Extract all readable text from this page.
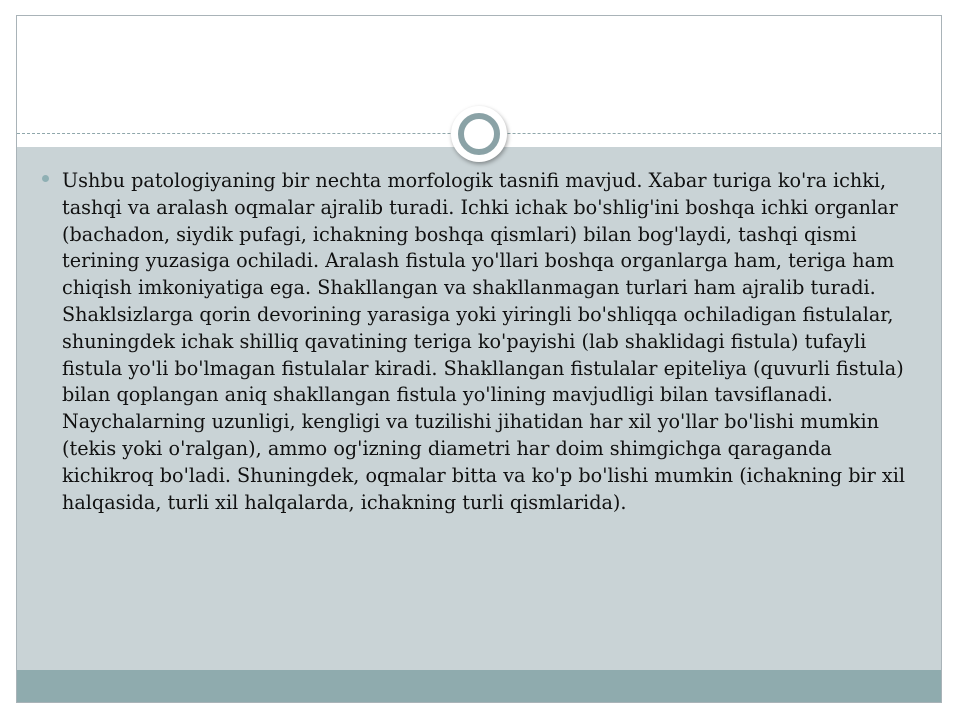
Ushbu patologiyaning bir nechta morfologik tasnifi mavjud. Xabar turiga ko'ra ichki, tashqi va aralash oqmalar ajralib turadi. Ichki ichak bo'shlig'ini boshqa ichki organlar (bachadon, siydik pufagi, ichakning boshqa qismlari) bilan bog'laydi, tashqi qismi terining yuzasiga ochiladi. Aralash fistula yo'llari boshqa organlarga ham, teriga ham chiqish imkoniyatiga ega. Shakllangan va shakllanmagan turlari ham ajralib turadi. Shaklsizlarga qorin devorining yarasiga yoki yiringli bo'shliqqa ochiladigan fistulalar, shuningdek ichak shilliq qavatining teriga ko'payishi (lab shaklidagi fistula) tufayli fistula yo'li bo'lmagan fistulalar kiradi. Shakllangan fistulalar epiteliya (quvurli fistula) bilan qoplangan aniq shakllangan fistula yo'lining mavjudligi bilan tavsiflanadi. Naychalarning uzunligi, kengligi va tuzilishi jihatidan har xil yo'llar bo'lishi mumkin (tekis yoki o'ralgan), ammo og'izning diametri har doim shimgichga qaraganda kichikroq bo'ladi. Shuningdek, oqmalar bitta va ko'p bo'lishi mumkin (ichakning bir xil halqasida, turli xil halqalarda, ichakning turli qismlarida).
